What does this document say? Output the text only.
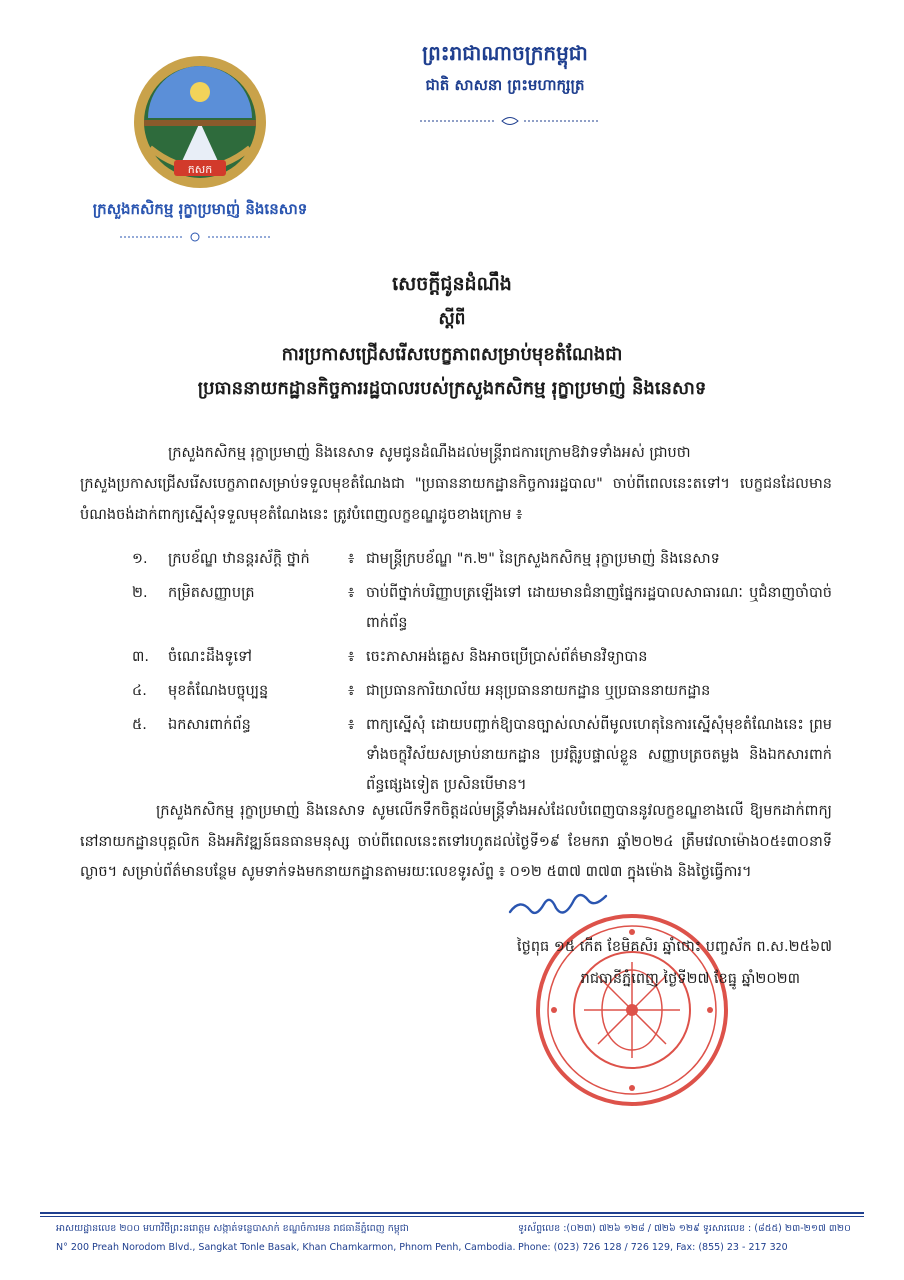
កសក
ក្រសួងកសិកម្ម រុក្ខាប្រមាញ់ និងនេសាទ
ព្រះរាជាណាចក្រកម្ពុជា
ជាតិ សាសនា ព្រះមហាក្សត្រ
សេចក្តីជូនដំណឹង
ស្តីពី
ការប្រកាសជ្រើសរើសបេក្ខភាពសម្រាប់មុខតំណែងជា
ប្រធាននាយកដ្ឋានកិច្ចការរដ្ឋបាលរបស់ក្រសួងកសិកម្ម រុក្ខាប្រមាញ់ និងនេសាទ
ក្រសួងកសិកម្ម រុក្ខាប្រមាញ់ និងនេសាទ សូមជូនដំណឹងដល់មន្ត្រីរាជការក្រោមឱវាទទាំងអស់ ជ្រាបថា
ក្រសួងប្រកាសជ្រើសរើសបេក្ខភាពសម្រាប់ទទួលមុខតំណែងជា "ប្រធាននាយកដ្ឋានកិច្ចការរដ្ឋបាល" ចាប់ពីពេលនេះតទៅ។ បេក្ខជនដែលមានបំណងចង់ដាក់ពាក្យស្នើសុំទទួលមុខតំណែងនេះ ត្រូវបំពេញលក្ខខណ្ឌដូចខាងក្រោម ៖
១.	ក្របខ័ណ្ឌ ឋានន្តរស័ក្តិ ថ្នាក់	៖ ជាមន្ត្រីក្របខ័ណ្ឌ "ក.២" នៃក្រសួងកសិកម្ម រុក្ខាប្រមាញ់ និងនេសាទ
២.	កម្រិតសញ្ញាបត្រ	៖ ចាប់ពីថ្នាក់បរិញ្ញាបត្រឡើងទៅ ដោយមានជំនាញផ្នែករដ្ឋបាលសាធារណៈ ឬជំនាញចាំបាច់ពាក់ព័ន្ធ
៣.	ចំណេះដឹងទូទៅ	៖ ចេះភាសាអង់គ្លេស និងអាចប្រើប្រាស់ព័ត៌មានវិទ្យាបាន
៤.	មុខតំណែងបច្ចុប្បន្ន	៖ ជាប្រធានការិយាល័យ អនុប្រធាននាយកដ្ឋាន ឬប្រធាននាយកដ្ឋាន
៥.	ឯកសារពាក់ព័ន្ធ	៖ ពាក្យស្នើសុំ ដោយបញ្ជាក់ឱ្យបានច្បាស់លាស់ពីមូលហេតុនៃការស្នើសុំមុខតំណែងនេះ ព្រមទាំងចក្ខុវិស័យសម្រាប់នាយកដ្ឋាន ប្រវត្តិរូបផ្ទាល់ខ្លួន សញ្ញាបត្រចតម្លង និងឯកសារពាក់ព័ន្ធផ្សេងទៀត ប្រសិនបើមាន។
ក្រសួងកសិកម្ម រុក្ខាប្រមាញ់ និងនេសាទ សូមលើកទឹកចិត្តដល់មន្ត្រីទាំងអស់ដែលបំពេញបាននូវលក្ខខណ្ឌខាងលើ ឱ្យមកដាក់ពាក្យនៅនាយកដ្ឋានបុគ្គលិក និងអភិវឌ្ឍន៍ធនធានមនុស្ស ចាប់ពីពេលនេះតទៅរហូតដល់ថ្ងៃទី១៩ ខែមករា ឆ្នាំ២០២៤ ត្រឹមវេលាម៉ោង០៥៖៣០នាទីល្ងាច។ សម្រាប់ព័ត៌មានបន្ថែម សូមទាក់ទងមកនាយកដ្ឋានតាមរយៈលេខទូរស័ព្ទ ៖ ០១២ ៥៣៧ ៣៧៣ ក្នុងម៉ោង និងថ្ងៃធ្វើការ។
ថ្ងៃពុធ ១៥ កើត ខែមិគសិរ ឆ្នាំថោះ បញ្ចស័ក ព.ស.២៥៦៧
រាជធានីភ្នំពេញ ថ្ងៃទី២៧ ខែធ្នូ ឆ្នាំ២០២៣
អាសយដ្ឋានលេខ ២០០ មហាវិថីព្រះនរោត្តម សង្កាត់ទន្លេបាសាក់ ខណ្ឌចំការមន រាជធានីភ្នំពេញ កម្ពុជា
N° 200 Preah Norodom Blvd., Sangkat Tonle Basak, Khan Chamkarmon, Phnom Penh, Cambodia.
ទូរស័ព្ទលេខ :(០២៣) ៧២៦ ១២៨ / ៧២៦ ១២៩ ទូរសារលេខ : (៨៥៥) ២៣-២១៧ ៣២០
Phone: (023) 726 128 / 726 129, Fax: (855) 23 - 217 320
